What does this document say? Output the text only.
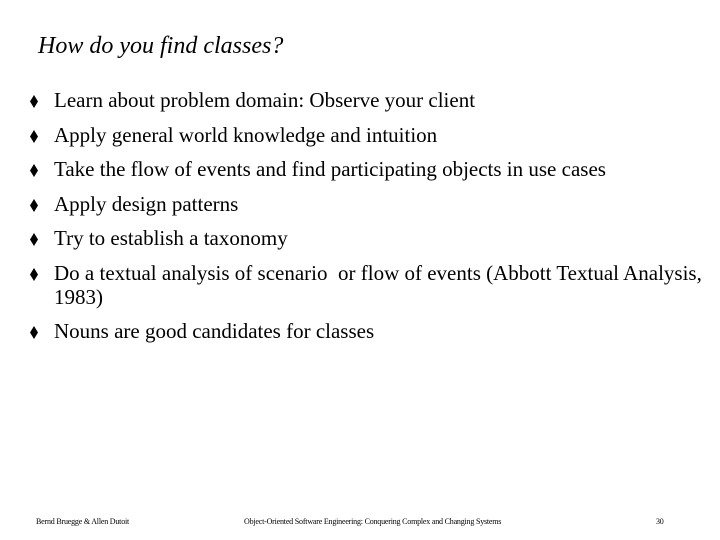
How do you find classes?
Learn about problem domain: Observe your client
Apply general world knowledge and intuition
Take the flow of events and find participating objects in use cases
Apply design patterns
Try to establish a taxonomy
Do a textual analysis of scenario  or flow of events (Abbott Textual Analysis, 1983)
Nouns are good candidates for classes
Bernd Bruegge & Allen Dutoit	Object-Oriented Software Engineering: Conquering Complex and Changing Systems	30
